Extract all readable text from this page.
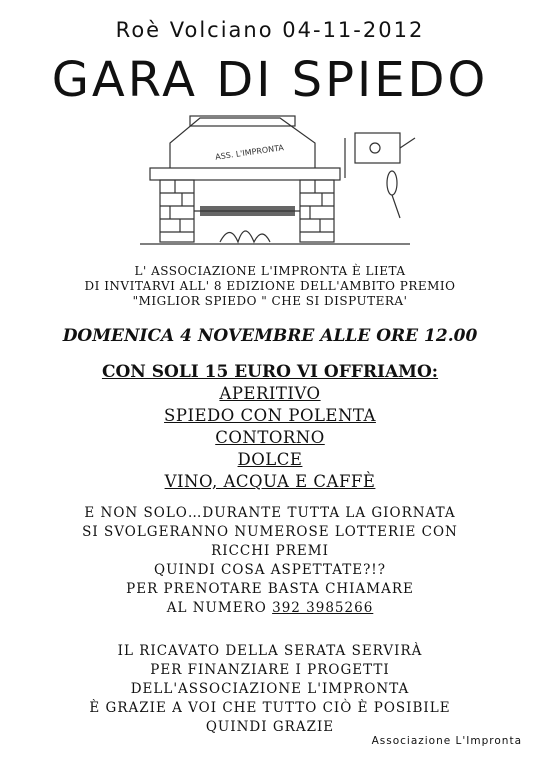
Roè Volciano 04-11-2012
GARA DI SPIEDO
ASS. L'IMPRONTA
L' ASSOCIAZIONE L'IMPRONTA È LIETA
DI INVITARVI ALL' 8 EDIZIONE DELL'AMBITO PREMIO
"MIGLIOR SPIEDO " CHE SI DISPUTERA'
DOMENICA 4 NOVEMBRE ALLE ORE 12.00
CON SOLI 15 EURO VI OFFRIAMO:
APERITIVO
SPIEDO CON POLENTA
CONTORNO
DOLCE
VINO, ACQUA E CAFFÈ
E NON SOLO…DURANTE TUTTA LA GIORNATA
SI SVOLGERANNO NUMEROSE LOTTERIE CON
RICCHI PREMI
QUINDI COSA ASPETTATE?!?
PER PRENOTARE BASTA CHIAMARE
AL NUMERO 392 3985266
IL RICAVATO DELLA SERATA SERVIRÀ
PER FINANZIARE I PROGETTI
DELL'ASSOCIAZIONE L'IMPRONTA
È GRAZIE A VOI CHE TUTTO CIÒ È POSIBILE
QUINDI GRAZIE
Associazione L'Impronta
